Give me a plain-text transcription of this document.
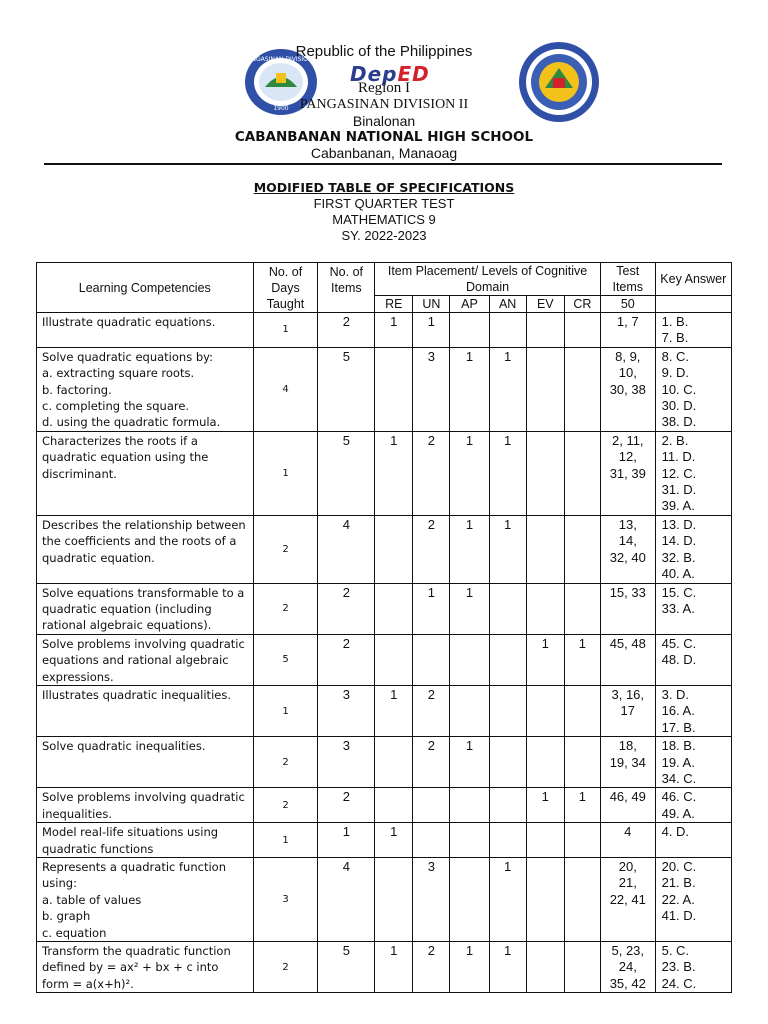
PANGASINAN DIVISION II
1900
Republic of the Philippines
DepED
Region I
PANGASINAN DIVISION II
Binalonan
CABANBANAN NATIONAL HIGH SCHOOL
Cabanbanan, Manaoag
MODIFIED TABLE OF SPECIFICATIONS
FIRST QUARTER TEST
MATHEMATICS 9
SY. 2022-2023
Learning Competencies	No. of Days Taught	No. of Items	Item Placement/ Levels of Cognitive Domain						Test Items	Key Answer
			RE	UN	AP	AN	EV	CR	50	
Illustrate quadratic equations.	1	2	1	1					1, 7	1. B.
7. B.
Solve quadratic equations by:
a. extracting square roots.
b. factoring.
c. completing the square.
d. using the quadratic formula.	4	5		3	1	1			8, 9,
10,
30, 38	8. C.
9. D.
10. C.
30. D.
38. D.
Characterizes the roots if a quadratic equation using the discriminant.	1	5	1	2	1	1			2, 11,
12,
31, 39	2. B.
11. D.
12. C.
31. D.
39. A.
Describes the relationship between the coefficients and the roots of a quadratic equation.	2	4		2	1	1			13,
14,
32, 40	13. D.
14. D.
32. B.
40. A.
Solve equations transformable to a quadratic equation (including rational algebraic equations).	2	2		1	1				15, 33	15. C.
33. A.
Solve problems involving quadratic equations and rational algebraic expressions.	5	2					1	1	45, 48	45. C.
48. D.
Illustrates quadratic inequalities.	1	3	1	2					3, 16,
17	3. D.
16. A.
17. B.
Solve quadratic inequalities.	2	3		2	1				18,
19, 34	18. B.
19. A.
34. C.
Solve problems involving quadratic inequalities.	2	2					1	1	46, 49	46. C.
49. A.
Model real-life situations using quadratic functions	1	1	1						4	4. D.
Represents a quadratic function using:
a. table of values
b. graph
c. equation	3	4		3		1			20,
21,
22, 41	20. C.
21. B.
22. A.
41. D.
Transform the quadratic function defined by = ax² + bx + c into form = a(x+h)².	2	5	1	2	1	1			5, 23,
24,
35, 42	5. C.
23. B.
24. C.
